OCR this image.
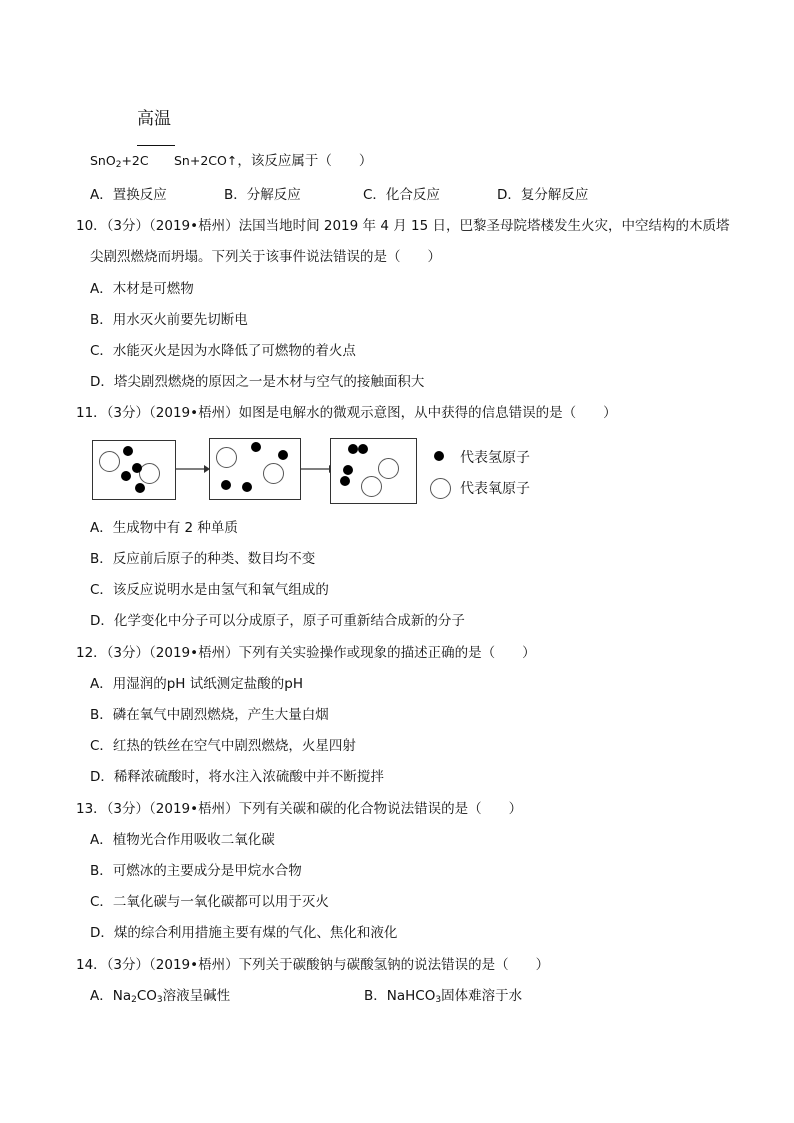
高温
SnO$_2$+2C Sn+2CO↑，该反应属于（　　）
A．置换反应	B．分解反应	C．化合反应	D．复分解反应
10．（3分）（2019•梧州）法国当地时间 2019 年 4 月 15 日，巴黎圣母院塔楼发生火灾，中空结构的木质塔
尖剧烈燃烧而坍塌。下列关于该事件说法错误的是（　　）
A．木材是可燃物
B．用水灭火前要先切断电
C．水能灭火是因为水降低了可燃物的着火点
D．塔尖剧烈燃烧的原因之一是木材与空气的接触面积大
11．（3分）（2019•梧州）如图是电解水的微观示意图，从中获得的信息错误的是（　　）
代表氢原子
代表氧原子
A．生成物中有 2 种单质
B．反应前后原子的种类、数目均不变
C．该反应说明水是由氢气和氧气组成的
D．化学变化中分子可以分成原子，原子可重新结合成新的分子
12．（3分）（2019•梧州）下列有关实验操作或现象的描述正确的是（　　）
A．用湿润的pH 试纸测定盐酸的pH
B．磷在氧气中剧烈燃烧，产生大量白烟
C．红热的铁丝在空气中剧烈燃烧，火星四射
D．稀释浓硫酸时，将水注入浓硫酸中并不断搅拌
13．（3分）（2019•梧州）下列有关碳和碳的化合物说法错误的是（　　）
A．植物光合作用吸收二氧化碳
B．可燃冰的主要成分是甲烷水合物
C．二氧化碳与一氧化碳都可以用于灭火
D．煤的综合利用措施主要有煤的气化、焦化和液化
14．（3分）（2019•梧州）下列关于碳酸钠与碳酸氢钠的说法错误的是（　　）
A．$Na_2CO_3$溶液呈碱性	B．NaHCO$_3$固体难溶于水
